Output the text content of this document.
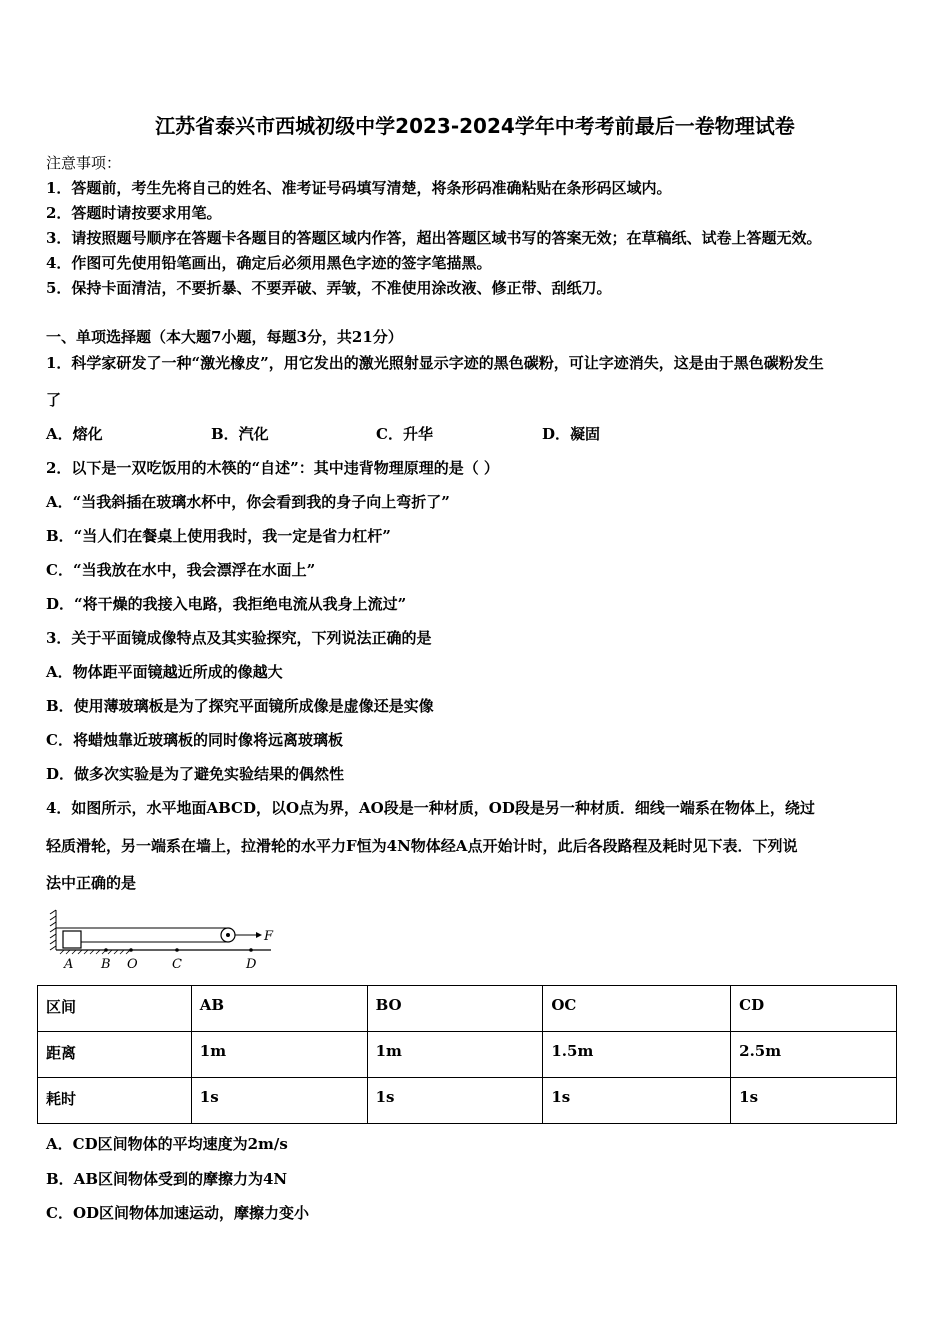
江苏省泰兴市西城初级中学2023-2024学年中考考前最后一卷物理试卷
注意事项：
1．答题前，考生先将自己的姓名、准考证号码填写清楚，将条形码准确粘贴在条形码区域内。
2．答题时请按要求用笔。
3．请按照题号顺序在答题卡各题目的答题区域内作答，超出答题区域书写的答案无效；在草稿纸、试卷上答题无效。
4．作图可先使用铅笔画出，确定后必须用黑色字迹的签字笔描黑。
5．保持卡面清洁，不要折暴、不要弄破、弄皱，不准使用涂改液、修正带、刮纸刀。
一、单项选择题（本大题7小题，每题3分，共21分）
1．科学家研发了一种“激光橡皮”，用它发出的激光照射显示字迹的黑色碳粉，可让字迹消失，这是由于黑色碳粉发生
了
A．熔化	B．汽化	C．升华	D．凝固
2．以下是一双吃饭用的木筷的“自述”：其中违背物理原理的是（ ）
A．“当我斜插在玻璃水杯中，你会看到我的身子向上弯折了”
B．“当人们在餐桌上使用我时，我一定是省力杠杆”
C．“当我放在水中，我会漂浮在水面上”
D．“将干燥的我接入电路，我拒绝电流从我身上流过”
3．关于平面镜成像特点及其实验探究，下列说法正确的是
A．物体距平面镜越近所成的像越大
B．使用薄玻璃板是为了探究平面镜所成像是虚像还是实像
C．将蜡烛靠近玻璃板的同时像将远离玻璃板
D．做多次实验是为了避免实验结果的偶然性
4．如图所示，水平地面ABCD，以O点为界，AO段是一种材质，OD段是另一种材质．细线一端系在物体上，绕过
轻质滑轮，另一端系在墙上，拉滑轮的水平力F恒为4N物体经A点开始计时，此后各段路程及耗时见下表．下列说
法中正确的是
F
A B O	C	D
区间	AB	BO	OC	CD
距离	1m	1m	1.5m	2.5m
耗时	1s	1s	1s	1s
A．CD区间物体的平均速度为2m/s
B．AB区间物体受到的摩擦力为4N
C．OD区间物体加速运动，摩擦力变小
